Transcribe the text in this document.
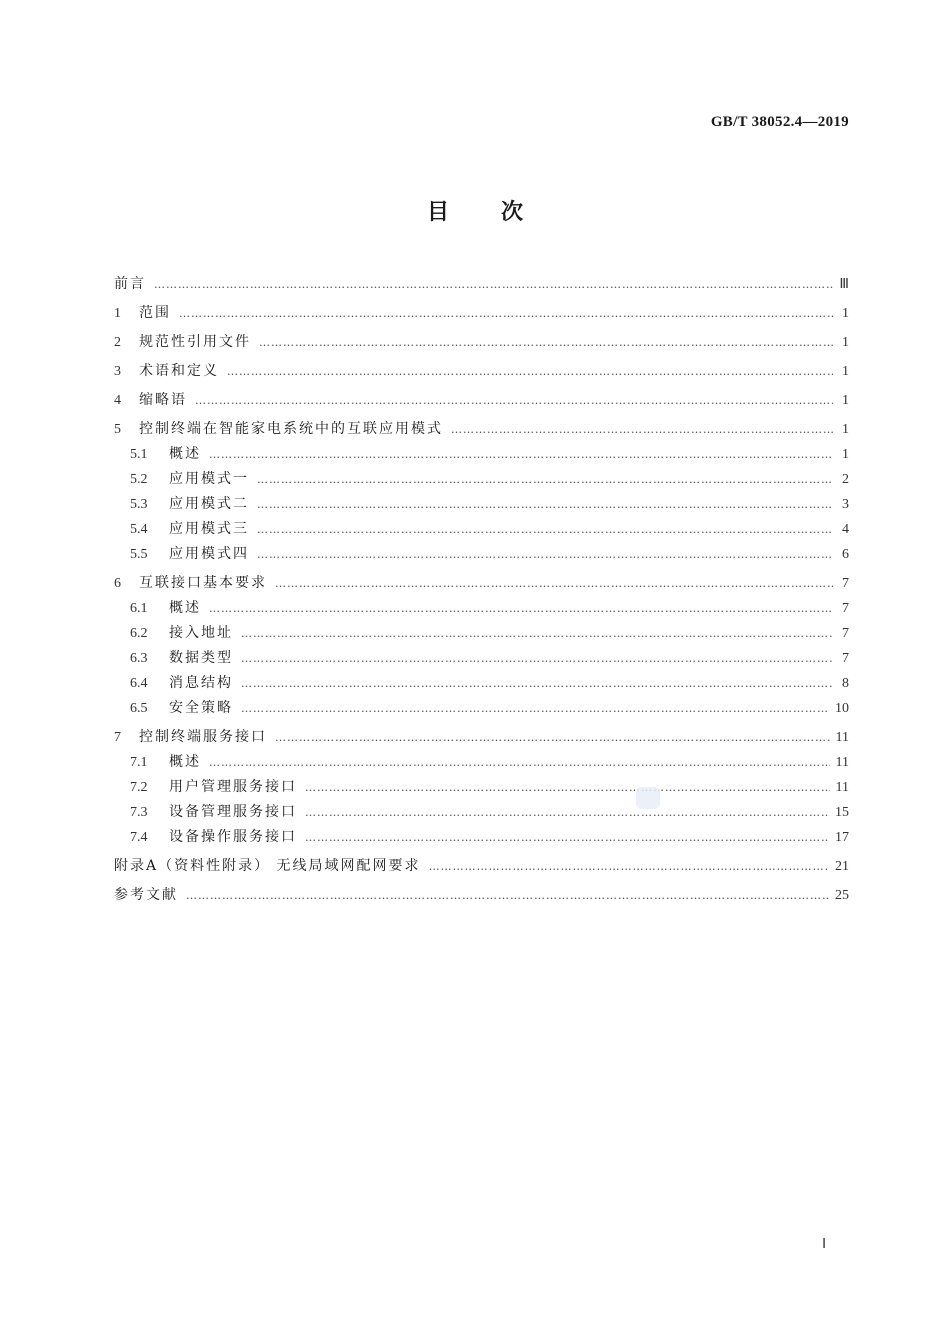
GB/T 38052.4—2019
目次
前言 ……………………………………………………………………………………………………………………………………………………………………………………………………………………………………………………	Ⅲ
1	范围 ……………………………………………………………………………………………………………………………………………………………………………………………………………………………………………………	1
2	规范性引用文件 ……………………………………………………………………………………………………………………………………………………………………………………………………………………………………………………	1
3	术语和定义 ……………………………………………………………………………………………………………………………………………………………………………………………………………………………………………………	1
4	缩略语 ……………………………………………………………………………………………………………………………………………………………………………………………………………………………………………………	1
5	控制终端在智能家电系统中的互联应用模式 ……………………………………………………………………………………………………………………………………………………………………………………………………………………………………………………	1
5.1	概述 ……………………………………………………………………………………………………………………………………………………………………………………………………………………………………………………	1
5.2	应用模式一 ……………………………………………………………………………………………………………………………………………………………………………………………………………………………………………………	2
5.3	应用模式二 ……………………………………………………………………………………………………………………………………………………………………………………………………………………………………………………	3
5.4	应用模式三 ……………………………………………………………………………………………………………………………………………………………………………………………………………………………………………………	4
5.5	应用模式四 ……………………………………………………………………………………………………………………………………………………………………………………………………………………………………………………	6
6	互联接口基本要求 ……………………………………………………………………………………………………………………………………………………………………………………………………………………………………………………	7
6.1	概述 ……………………………………………………………………………………………………………………………………………………………………………………………………………………………………………………	7
6.2	接入地址 ……………………………………………………………………………………………………………………………………………………………………………………………………………………………………………………	7
6.3	数据类型 ……………………………………………………………………………………………………………………………………………………………………………………………………………………………………………………	7
6.4	消息结构 ……………………………………………………………………………………………………………………………………………………………………………………………………………………………………………………	8
6.5	安全策略 ……………………………………………………………………………………………………………………………………………………………………………………………………………………………………………………	10
7	控制终端服务接口 ……………………………………………………………………………………………………………………………………………………………………………………………………………………………………………………	11
7.1	概述 ……………………………………………………………………………………………………………………………………………………………………………………………………………………………………………………	11
7.2	用户管理服务接口 ……………………………………………………………………………………………………………………………………………………………………………………………………………………………………………………	11
7.3	设备管理服务接口 ……………………………………………………………………………………………………………………………………………………………………………………………………………………………………………………	15
7.4	设备操作服务接口 ……………………………………………………………………………………………………………………………………………………………………………………………………………………………………………………	17
附录A（资料性附录） 无线局域网配网要求 ……………………………………………………………………………………………………………………………………………………………………………………………………………………………………………………	21
参考文献 ……………………………………………………………………………………………………………………………………………………………………………………………………………………………………………………	25
Ⅰ
